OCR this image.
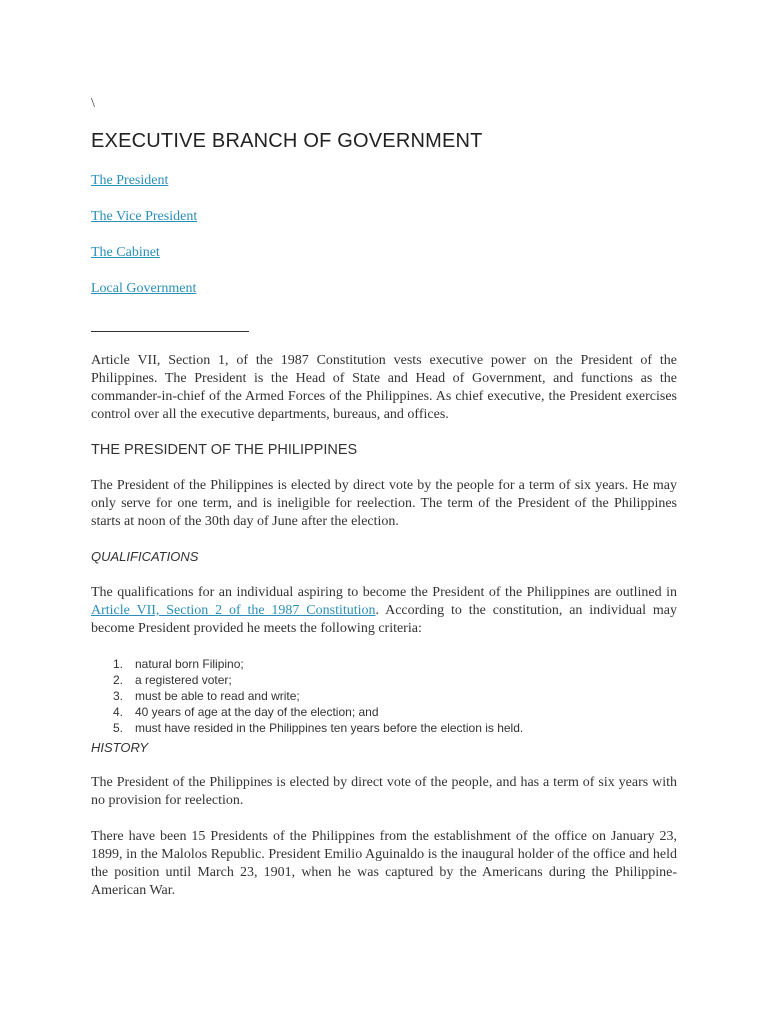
\
EXECUTIVE BRANCH OF GOVERNMENT
The President
The Vice President
The Cabinet
Local Government

Article VII, Section 1, of the 1987 Constitution vests executive power on the President of the Philippines. The President is the Head of State and Head of Government, and functions as the commander-in-chief of the Armed Forces of the Philippines. As chief executive, the President exercises control over all the executive departments, bureaus, and offices.

THE PRESIDENT OF THE PHILIPPINES

The President of the Philippines is elected by direct vote by the people for a term of six years. He may only serve for one term, and is ineligible for reelection. The term of the President of the Philippines starts at noon of the 30th day of June after the election.

QUALIFICATIONS

The qualifications for an individual aspiring to become the President of the Philippines are outlined in Article VII, Section 2 of the 1987 Constitution. According to the constitution, an individual may become President provided he meets the following criteria:

1. natural born Filipino;
2. a registered voter;
3. must be able to read and write;
4. 40 years of age at the day of the election; and
5. must have resided in the Philippines ten years before the election is held.
HISTORY

The President of the Philippines is elected by direct vote of the people, and has a term of six years with no provision for reelection.

There have been 15 Presidents of the Philippines from the establishment of the office on January 23, 1899, in the Malolos Republic. President Emilio Aguinaldo is the inaugural holder of the office and held the position until March 23, 1901, when he was captured by the Americans during the Philippine-American War.
